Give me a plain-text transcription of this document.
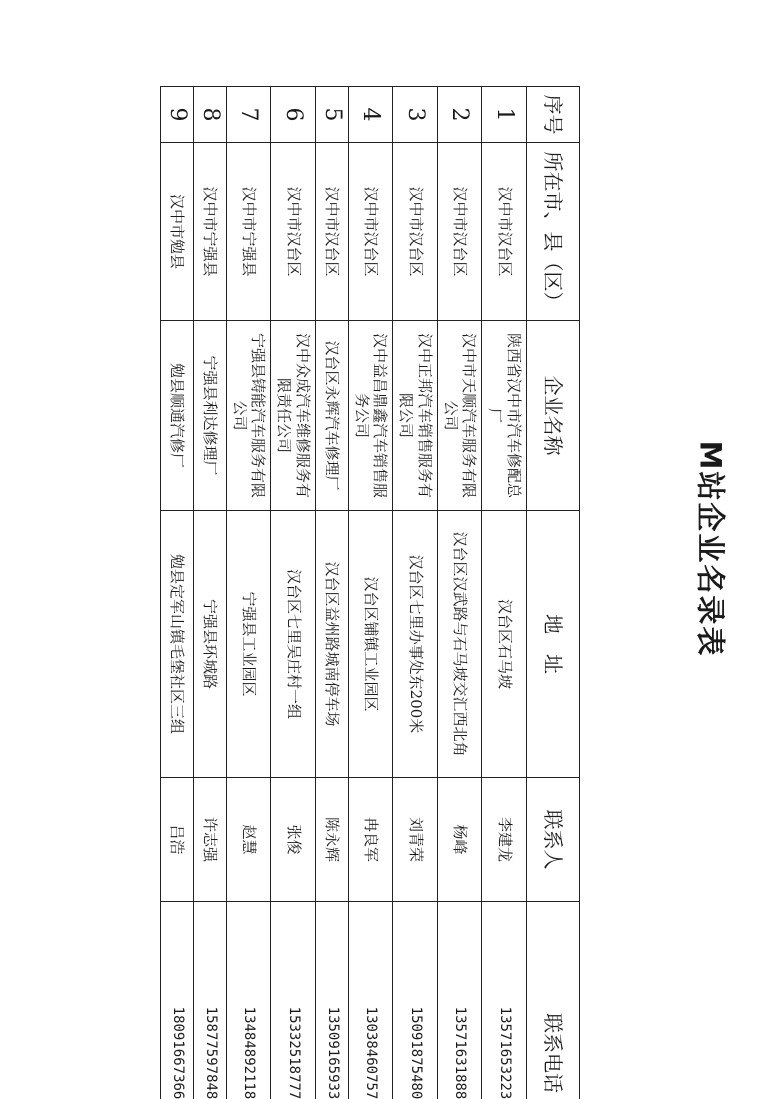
M站企业名录表
序号	所在市、县（区）	企业名称	地　址	联系人	联系电话
1	汉中市汉台区	陕西省汉中市汽车修配总厂	汉台区石马坡	李建龙	13571653223
2	汉中市汉台区	汉中市天顺汽车服务有限公司	汉台区汉武路与石马坡交汇西北角	杨峰	13571631888
3	汉中市汉台区	汉中正邦汽车销售服务有限公司	汉台区七里办事处东200米	刘青荣	15091875480
4	汉中市汉台区	汉中益昌鼎鑫汽车销售服务公司	汉台区铺镇工业园区	冉良军	13038460757
5	汉中市汉台区	汉台区永辉汽车修理厂	汉台区益州路城南停车场	陈永辉	13509165933
6	汉中市汉台区	汉中众成汽车维修服务有限责任公司	汉台区七里吴庄村一组	张俊	15332518777
7	汉中市宁强县	宁强县铸能汽车服务有限公司	宁强县工业园区	赵慧	13484892118
8	汉中市宁强县	宁强县利达修理厂	宁强县环城路	许志强	15877597848
9	汉中市勉县	勉县顺通汽修厂	勉县定军山镇毛堡社区三组	吕浩	18091667366
